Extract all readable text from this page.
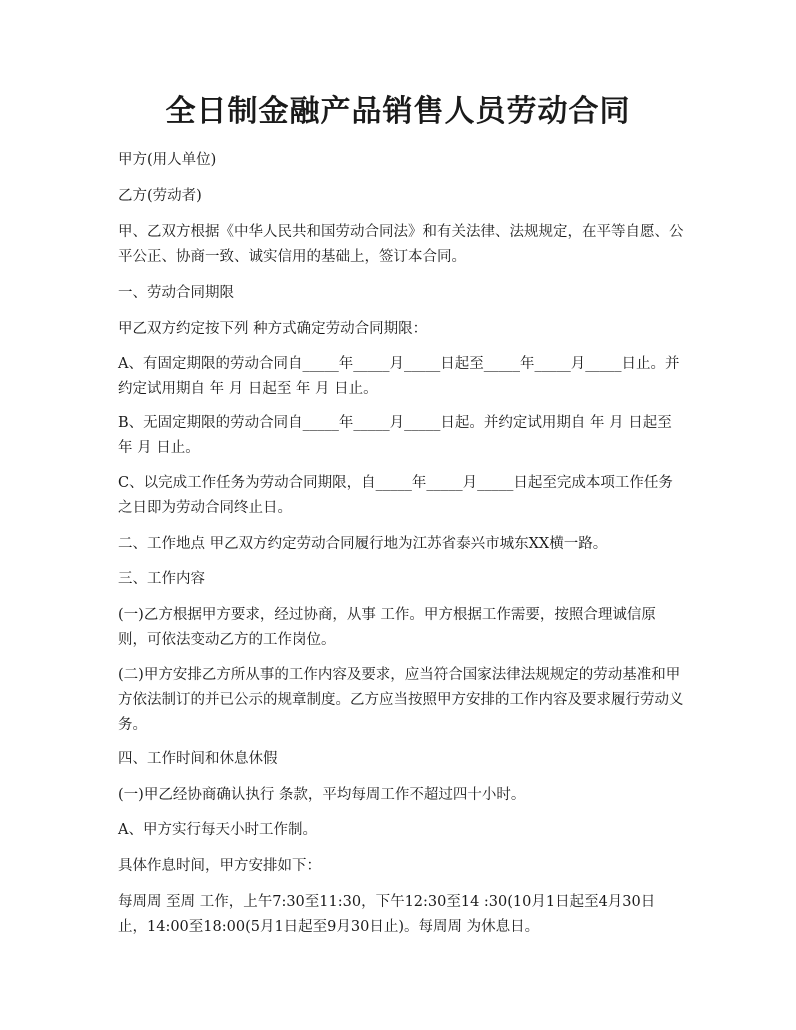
全日制金融产品销售人员劳动合同

甲方(用人单位)

乙方(劳动者)

甲、乙双方根据《中华人民共和国劳动合同法》和有关法律、法规规定，在平等自愿、公平公正、协商一致、诚实信用的基础上，签订本合同。

一、劳动合同期限

甲乙双方约定按下列 种方式确定劳动合同期限：

A、有固定期限的劳动合同自_____年_____月_____日起至_____年_____月_____日止。并约定试用期自 年 月 日起至 年 月 日止。

B、无固定期限的劳动合同自_____年_____月_____日起。并约定试用期自 年 月 日起至 年 月 日止。

C、以完成工作任务为劳动合同期限，自_____年_____月_____日起至完成本项工作任务之日即为劳动合同终止日。

二、工作地点 甲乙双方约定劳动合同履行地为江苏省泰兴市城东XX横一路。

三、工作内容

(一)乙方根据甲方要求，经过协商，从事 工作。甲方根据工作需要，按照合理诚信原则，可依法变动乙方的工作岗位。

(二)甲方安排乙方所从事的工作内容及要求，应当符合国家法律法规规定的劳动基准和甲方依法制订的并已公示的规章制度。乙方应当按照甲方安排的工作内容及要求履行劳动义务。

四、工作时间和休息休假

(一)甲乙经协商确认执行 条款，平均每周工作不超过四十小时。

A、甲方实行每天小时工作制。

具体作息时间，甲方安排如下：

每周周 至周 工作，上午7:30至11:30，下午12:30至14 :30(10月1日起至4月30日止，14:00至18:00(5月1日起至9月30日止)。每周周 为休息日。
